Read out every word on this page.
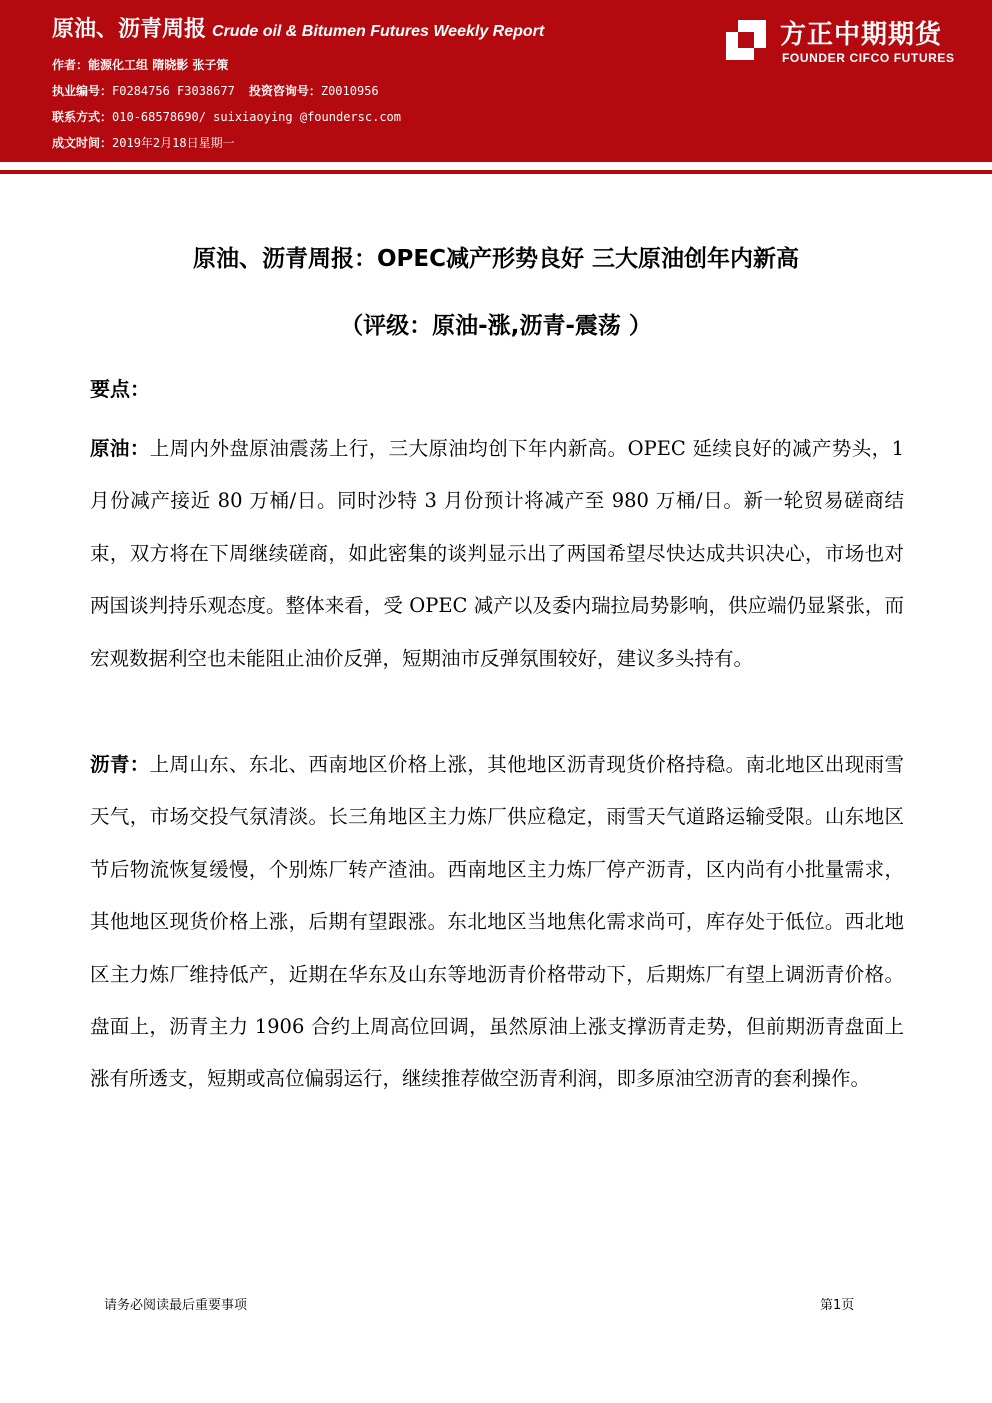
原油、沥青周报 Crude oil & Bitumen Futures Weekly Report
作者：能源化工组 隋晓影 张子策
执业编号：F0284756 F3038677 投资咨询号：Z0010956
联系方式：010-68578690/ suixiaoying @foundersc.com
成文时间：2019年2月18日星期一
方正中期期货
FOUNDER CIFCO FUTURES
原油、沥青周报：OPEC减产形势良好 三大原油创年内新高
（评级：原油-涨,沥青-震荡 ）
要点：
原油：上周内外盘原油震荡上行，三大原油均创下年内新高。OPEC 延续良好的减产势头，1 月份减产接近 80 万桶/日。同时沙特 3 月份预计将减产至 980 万桶/日。新一轮贸易磋商结束，双方将在下周继续磋商，如此密集的谈判显示出了两国希望尽快达成共识决心，市场也对两国谈判持乐观态度。整体来看，受 OPEC 减产以及委内瑞拉局势影响，供应端仍显紧张，而宏观数据利空也未能阻止油价反弹，短期油市反弹氛围较好，建议多头持有。
沥青：上周山东、东北、西南地区价格上涨，其他地区沥青现货价格持稳。南北地区出现雨雪天气，市场交投气氛清淡。长三角地区主力炼厂供应稳定，雨雪天气道路运输受限。山东地区节后物流恢复缓慢，个别炼厂转产渣油。西南地区主力炼厂停产沥青，区内尚有小批量需求，其他地区现货价格上涨，后期有望跟涨。东北地区当地焦化需求尚可，库存处于低位。西北地区主力炼厂维持低产，近期在华东及山东等地沥青价格带动下，后期炼厂有望上调沥青价格。盘面上，沥青主力 1906 合约上周高位回调，虽然原油上涨支撑沥青走势，但前期沥青盘面上涨有所透支，短期或高位偏弱运行，继续推荐做空沥青利润，即多原油空沥青的套利操作。
请务必阅读最后重要事项	第1页
